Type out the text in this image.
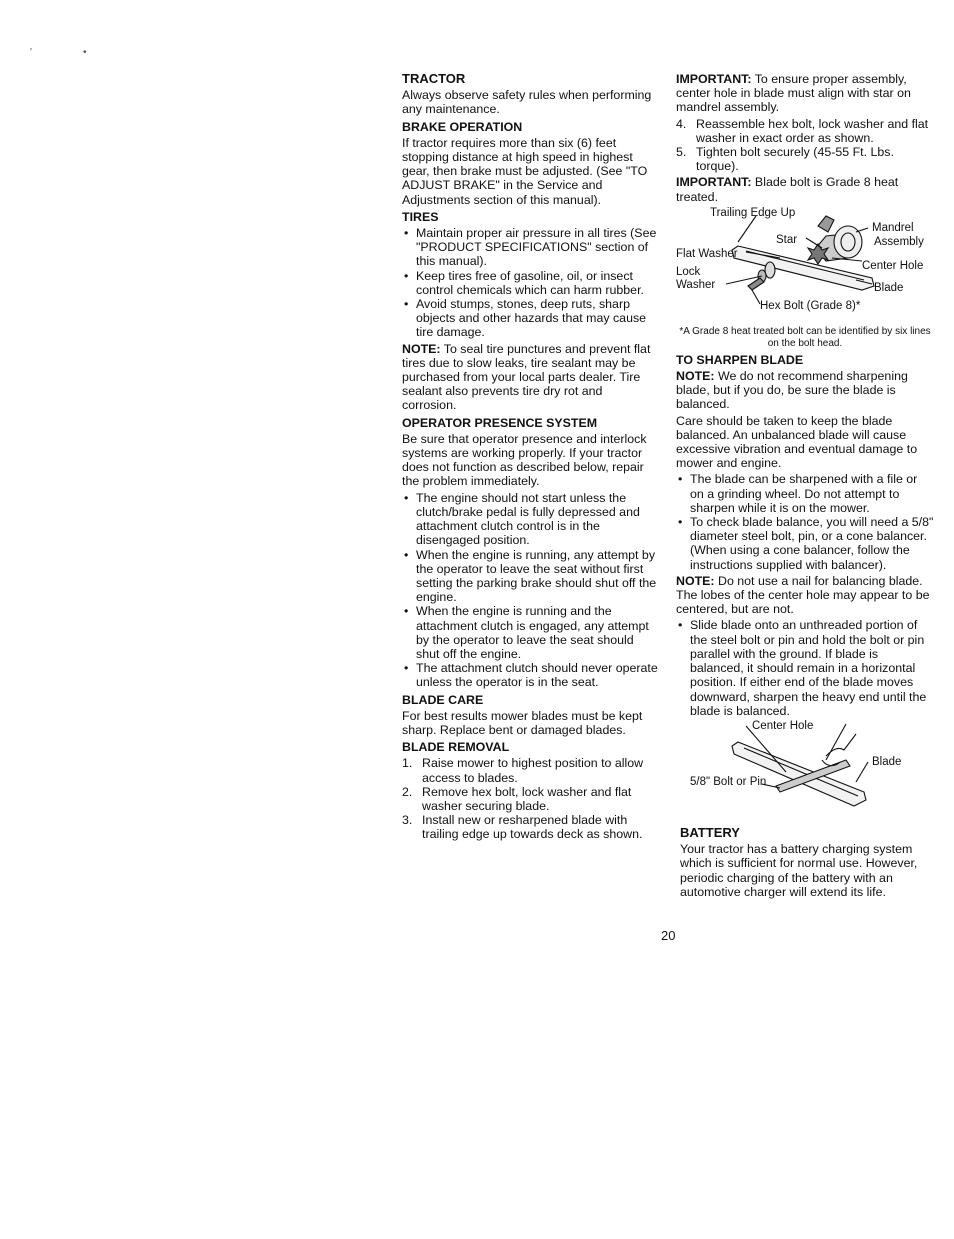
'	•
TRACTOR

Always observe safety rules when performing any maintenance.

BRAKE OPERATION

If tractor requires more than six (6) feet stopping distance at high speed in highest gear, then brake must be adjusted. (See "TO ADJUST BRAKE" in the Service and Adjustments section of this manual).

TIRES
• Maintain proper air pressure in all tires (See "PRODUCT SPECIFICATIONS" section of this manual).
• Keep tires free of gasoline, oil, or insect control chemicals which can harm rubber.
• Avoid stumps, stones, deep ruts, sharp objects and other hazards that may cause tire damage.

NOTE: To seal tire punctures and prevent flat tires due to slow leaks, tire sealant may be purchased from your local parts dealer. Tire sealant also prevents tire dry rot and corrosion.

OPERATOR PRESENCE SYSTEM

Be sure that operator presence and interlock systems are working properly. If your tractor does not function as described below, repair the problem immediately.

• The engine should not start unless the clutch/brake pedal is fully depressed and attachment clutch control is in the disengaged position.
• When the engine is running, any attempt by the operator to leave the seat without first setting the parking brake should shut off the engine.
• When the engine is running and the attachment clutch is engaged, any attempt by the operator to leave the seat should shut off the engine.
• The attachment clutch should never operate unless the operator is in the seat.
BLADE CARE

For best results mower blades must be kept sharp. Replace bent or damaged blades.

BLADE REMOVAL
1. Raise mower to highest position to allow access to blades.
2. Remove hex bolt, lock washer and flat washer securing blade.
3. Install new or resharpened blade with trailing edge up towards deck as shown.

IMPORTANT: To ensure proper assembly, center hole in blade must align with star on mandrel assembly.

4. Reassemble hex bolt, lock washer and flat washer in exact order as shown.
5. Tighten bolt securely (45-55 Ft. Lbs. torque).

IMPORTANT: Blade bolt is Grade 8 heat treated.

Trailing Edge Up
Star
Mandrel
Assembly
Flat Washer
Center Hole
Lock
Washer	Blade
Hex Bolt (Grade 8)*
*A Grade 8 heat treated bolt can be identified by six lines on the bolt head.
TO SHARPEN BLADE

NOTE: We do not recommend sharpening blade, but if you do, be sure the blade is balanced.

Care should be taken to keep the blade balanced. An unbalanced blade will cause excessive vibration and eventual damage to mower and engine.

• The blade can be sharpened with a file or on a grinding wheel. Do not attempt to sharpen while it is on the mower.
• To check blade balance, you will need a 5/8" diameter steel bolt, pin, or a cone balancer. (When using a cone balancer, follow the instructions supplied with balancer).

NOTE: Do not use a nail for balancing blade. The lobes of the center hole may appear to be centered, but are not.

• Slide blade onto an unthreaded portion of the steel bolt or pin and hold the bolt or pin parallel with the ground. If blade is balanced, it should remain in a horizontal position. If either end of the blade moves downward, sharpen the heavy end until the blade is balanced.
Center Hole
Blade
5/8" Bolt or Pin
BATTERY

Your tractor has a battery charging system which is sufficient for normal use. However, periodic charging of the battery with an automotive charger will extend its life.

20
